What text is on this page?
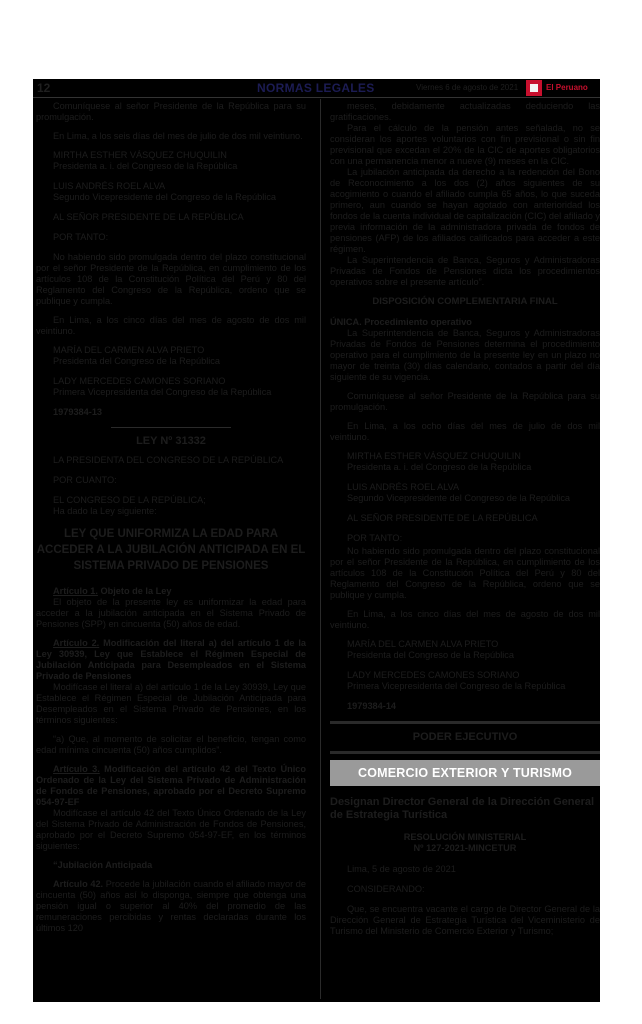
12	NORMAS LEGALES	Viernes 6 de agosto de 2021	El Peruano

Comuníquese al señor Presidente de la República para su promulgación.

En Lima, a los seis días del mes de julio de dos mil veintiuno.

MIRTHA ESTHER VÁSQUEZ CHUQUILIN
Presidenta a. i. del Congreso de la República
LUIS ANDRÉS ROEL ALVA
Segundo Vicepresidente del Congreso de la República
AL SEÑOR PRESIDENTE DE LA REPÚBLICA
POR TANTO:

No habiendo sido promulgada dentro del plazo constitucional por el señor Presidente de la República, en cumplimiento de los artículos 108 de la Constitución Política del Perú y 80 del Reglamento del Congreso de la República, ordeno que se publique y cumpla.

En Lima, a los cinco días del mes de agosto de dos mil veintiuno.

MARÍA DEL CARMEN ALVA PRIETO
Presidenta del Congreso de la República
LADY MERCEDES CAMONES SORIANO
Primera Vicepresidenta del Congreso de la República
1979384-13
LEY Nº 31332
LA PRESIDENTA DEL CONGRESO DE LA REPÚBLICA
POR CUANTO:
EL CONGRESO DE LA REPÚBLICA;
Ha dado la Ley siguiente:
LEY QUE UNIFORMIZA LA EDAD PARA ACCEDER A LA JUBILACIÓN ANTICIPADA EN EL SISTEMA PRIVADO DE PENSIONES

Artículo 1. Objeto de la Ley

El objeto de la presente ley es uniformizar la edad para acceder a la jubilación anticipada en el Sistema Privado de Pensiones (SPP) en cincuenta (50) años de edad.

Artículo 2. Modificación del literal a) del artículo 1 de la Ley 30939, Ley que Establece el Régimen Especial de Jubilación Anticipada para Desempleados en el Sistema Privado de Pensiones

Modifícase el literal a) del artículo 1 de la Ley 30939, Ley que Establece el Régimen Especial de Jubilación Anticipada para Desempleados en el Sistema Privado de Pensiones, en los términos siguientes:

“a) Que, al momento de solicitar el beneficio, tengan como edad mínima cincuenta (50) años cumplidos”.

Artículo 3. Modificación del artículo 42 del Texto Único Ordenado de la Ley del Sistema Privado de Administración de Fondos de Pensiones, aprobado por el Decreto Supremo 054-97-EF

Modifícase el artículo 42 del Texto Único Ordenado de la Ley del Sistema Privado de Administración de Fondos de Pensiones, aprobado por el Decreto Supremo 054-97-EF, en los términos siguientes:

“Jubilación Anticipada

Artículo 42. Procede la jubilación cuando el afiliado mayor de cincuenta (50) años así lo disponga, siempre que obtenga una pensión igual o superior al 40% del promedio de las remuneraciones percibidas y rentas declaradas durante los últimos 120

meses, debidamente actualizadas deduciendo las gratificaciones.

Para el cálculo de la pensión antes señalada, no se consideran los aportes voluntarios con fin previsional o sin fin previsional que excedan el 20% de la CIC de aportes obligatorios con una permanencia menor a nueve (9) meses en la CIC.

La jubilación anticipada da derecho a la redención del Bono de Reconocimiento a los dos (2) años siguientes de su acogimiento o cuando el afiliado cumpla 65 años, lo que suceda primero, aun cuando se hayan agotado con anterioridad los fondos de la cuenta individual de capitalización (CIC) del afiliado y previa información de la administradora privada de fondos de pensiones (AFP) de los afiliados calificados para acceder a este régimen.

La Superintendencia de Banca, Seguros y Administradoras Privadas de Fondos de Pensiones dicta los procedimientos operativos sobre el presente artículo”.

DISPOSICIÓN COMPLEMENTARIA FINAL

ÚNICA. Procedimiento operativo

La Superintendencia de Banca, Seguros y Administradoras Privadas de Fondos de Pensiones determina el procedimiento operativo para el cumplimiento de la presente ley en un plazo no mayor de treinta (30) días calendario, contados a partir del día siguiente de su vigencia.

Comuníquese al señor Presidente de la República para su promulgación.

En Lima, a los ocho días del mes de julio de dos mil veintiuno.

MIRTHA ESTHER VÁSQUEZ CHUQUILIN
Presidenta a. i. del Congreso de la República
LUIS ANDRÉS ROEL ALVA
Segundo Vicepresidente del Congreso de la República
AL SEÑOR PRESIDENTE DE LA REPÚBLICA
POR TANTO:

No habiendo sido promulgada dentro del plazo constitucional por el señor Presidente de la República, en cumplimiento de los artículos 108 de la Constitución Política del Perú y 80 del Reglamento del Congreso de la República, ordeno que se publique y cumpla.

En Lima, a los cinco días del mes de agosto de dos mil veintiuno.

MARÍA DEL CARMEN ALVA PRIETO
Presidenta del Congreso de la República
LADY MERCEDES CAMONES SORIANO
Primera Vicepresidenta del Congreso de la República
1979384-14
PODER EJECUTIVO
COMERCIO EXTERIOR Y TURISMO
Designan Director General de la Dirección General de Estrategia Turística
RESOLUCIÓN MINISTERIAL
Nº 127-2021-MINCETUR
Lima, 5 de agosto de 2021
CONSIDERANDO:

Que, se encuentra vacante el cargo de Director General de la Dirección General de Estrategia Turística del Viceministerio de Turismo del Ministerio de Comercio Exterior y Turismo;
